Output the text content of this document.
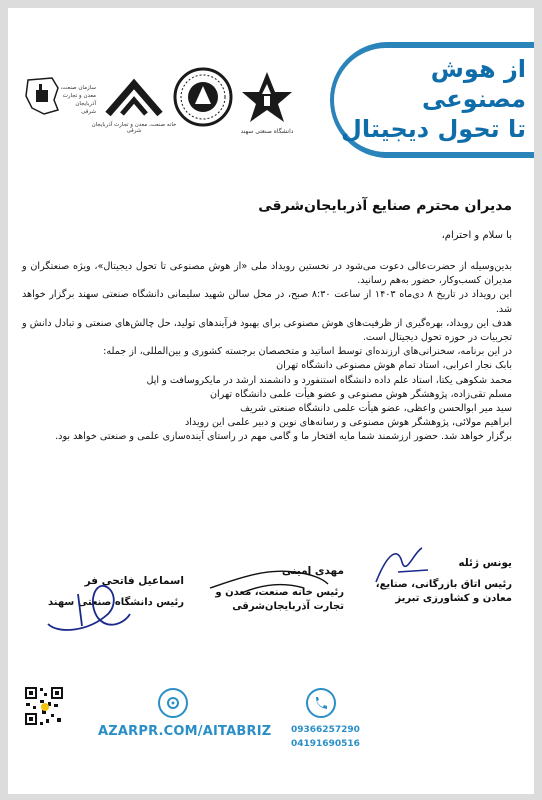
از هوش مصنوعی
تا تحول دیجیتال
دانشگاه صنعتی سهند
خانه صنعت، معدن و تجارت آذربایجان شرقی
سازمان صنعت، معدن و تجارت آذربایجان شرقی
مدیران محترم صنایع آذربایجان‌شرقی
با سلام و احترام،

بدین‌وسیله از حضرت‌عالی دعوت می‌شود در نخستین رویداد ملی «از هوش مصنوعی تا تحول دیجیتال»، ویژه صنعتگران و مدیران کسب‌وکار، حضور به‌هم رسانید.

این رویداد در تاریخ ۸ دی‌ماه ۱۴۰۳ از ساعت ۸:۳۰ صبح، در محل سالن شهید سلیمانی دانشگاه صنعتی سهند برگزار خواهد شد.

هدف این رویداد، بهره‌گیری از ظرفیت‌های هوش مصنوعی برای بهبود فرآیندهای تولید، حل چالش‌های صنعتی و تبادل دانش و تجربیات در حوزه تحول دیجیتال است.

در این برنامه، سخنرانی‌های ارزنده‌ای توسط اساتید و متخصصان برجسته کشوری و بین‌المللی، از جمله:

بابک نجار اعرابی، استاد تمام هوش مصنوعی دانشگاه تهران

محمد شکوهی یکتا، استاد علم داده دانشگاه استنفورد و دانشمند ارشد در مایکروسافت و اپل

مسلم تقی‌زاده، پژوهشگر هوش مصنوعی و عضو هیأت علمی دانشگاه تهران

سید میر ابوالحسن واعظی، عضو هیأت علمی دانشگاه صنعتی شریف

ابراهیم مولائی، پژوهشگر هوش مصنوعی و رسانه‌های نوین و دبیر علمی این رویداد

برگزار خواهد شد. حضور ارزشمند شما مایه افتخار ما و گامی مهم در راستای آینده‌سازی علمی و صنعتی خواهد بود.

یونس ژئله
رئیس اتاق بازرگانی، صنایع، معادن و کشاورزی تبریز
مهدی امینی
رئیس خانه صنعت، معدن و تجارت آذربایجان‌شرقی
اسماعیل فاتحی فر
رئیس دانشگاه صنعتی سهند
AZARPR.COM/AITABRIZ 09366257290
04191690516
